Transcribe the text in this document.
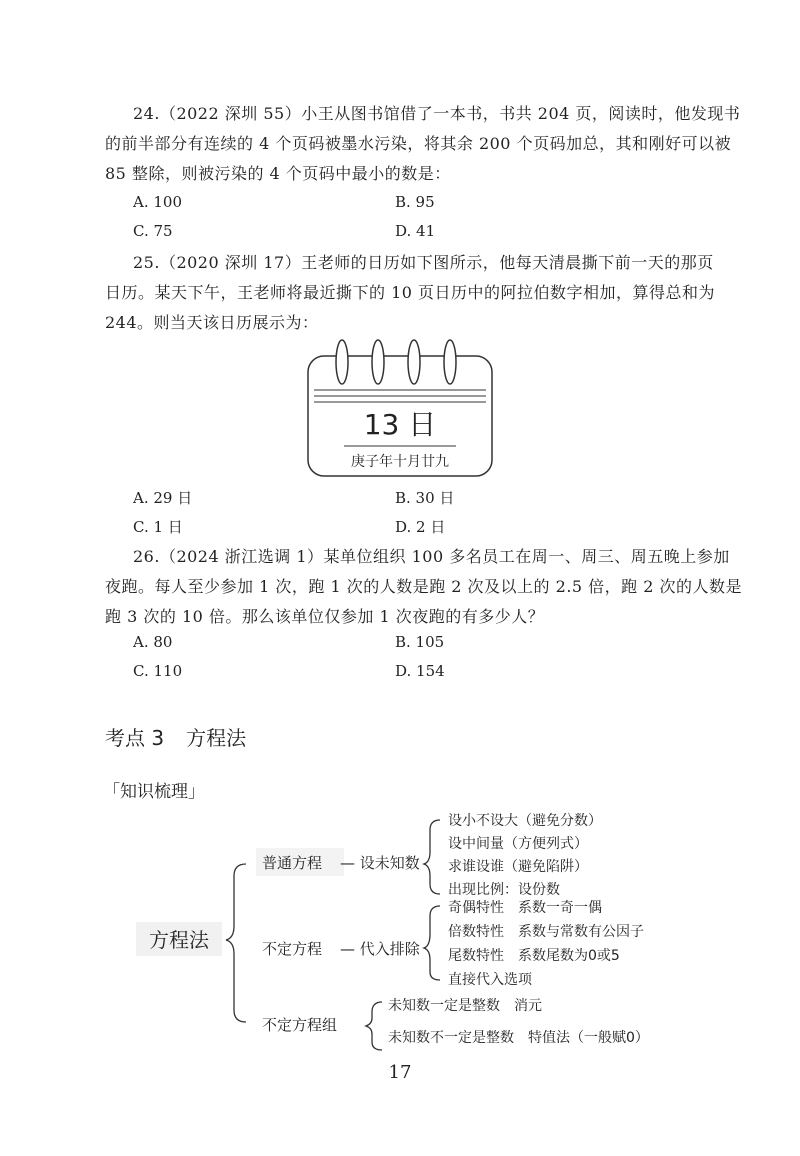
24.（2022 深圳 55）小王从图书馆借了一本书，书共 204 页，阅读时，他发现书
的前半部分有连续的 4 个页码被墨水污染，将其余 200 个页码加总，其和刚好可以被
85 整除，则被污染的 4 个页码中最小的数是：
A. 100	B. 95
C. 75	D. 41
25.（2020 深圳 17）王老师的日历如下图所示，他每天清晨撕下前一天的那页
日历。某天下午，王老师将最近撕下的 10 页日历中的阿拉伯数字相加，算得总和为
244。则当天该日历展示为：
13 日
庚子年十月廿九
A. 29 日	B. 30 日
C. 1 日	D. 2 日
26.（2024 浙江选调 1）某单位组织 100 多名员工在周一、周三、周五晚上参加
夜跑。每人至少参加 1 次，跑 1 次的人数是跑 2 次及以上的 2.5 倍，跑 2 次的人数是
跑 3 次的 10 倍。那么该单位仅参加 1 次夜跑的有多少人？
A. 80	B. 105
C. 110	D. 154
考点 3 方程法
「知识梳理」
方程法
普通方程 — 设未知数
设小不设大（避免分数）
设中间量（方便列式）
求谁设谁（避免陷阱）
出现比例：设份数
不定方程 — 代入排除
奇偶特性　系数一奇一偶
倍数特性　系数与常数有公因子
尾数特性　系数尾数为0或5
直接代入选项
不定方程组
未知数一定是整数　消元
未知数不一定是整数　特值法（一般赋0）
17
